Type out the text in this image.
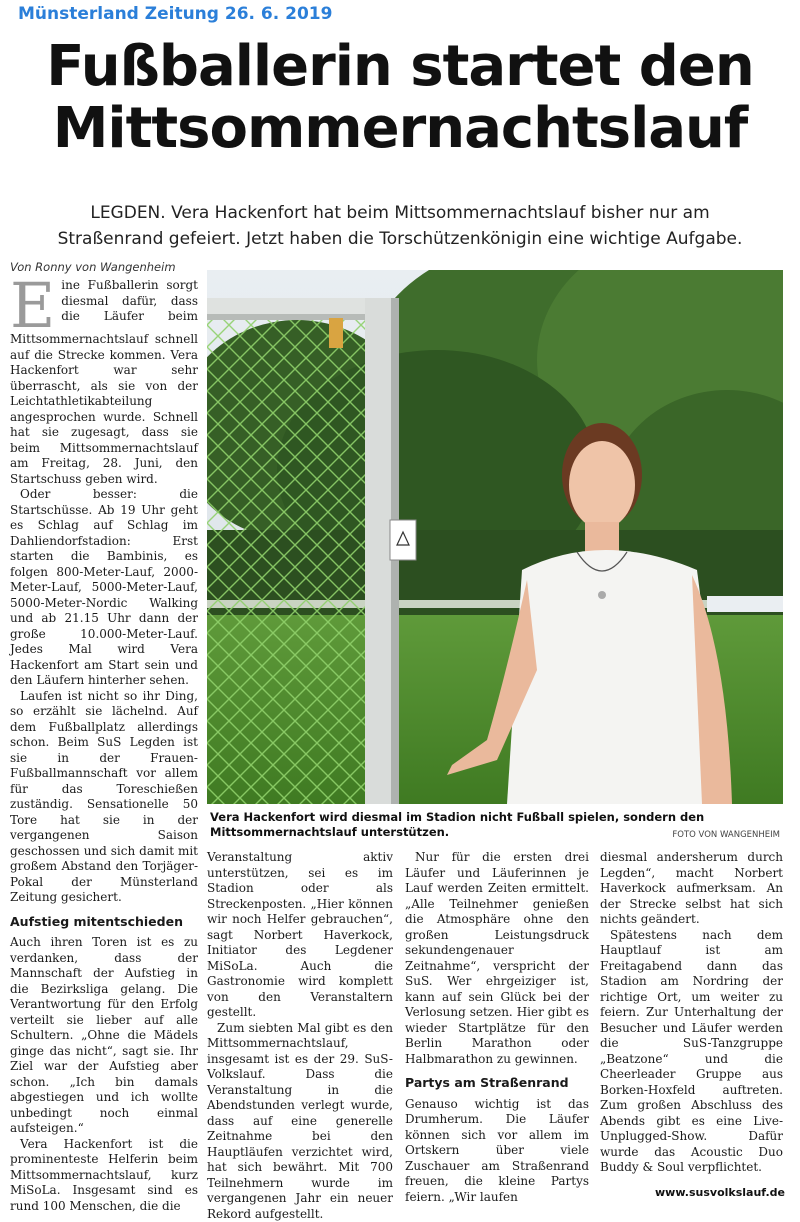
Münsterland Zeitung 26. 6. 2019
Fußballerin startet den
Mittsommernachtslauf
LEGDEN. Vera Hackenfort hat beim Mittsommernachtslauf bisher nur am
Straßenrand gefeiert. Jetzt haben die Torschützenkönigin eine wichtige Aufgabe.
Von Ronny von Wangenheim

Eine Fußballerin sorgt diesmal dafür, dass die Läufer beim Mittsommernachtslauf schnell auf die Strecke kommen. Vera Hackenfort war sehr überrascht, als sie von der Leichtathletikabteilung angesprochen wurde. Schnell hat sie zugesagt, dass sie beim Mittsommernachtslauf am Freitag, 28. Juni, den Startschuss geben wird.

Oder besser: die Startschüsse. Ab 19 Uhr geht es Schlag auf Schlag im Dahliendorfstadion: Erst starten die Bambinis, es folgen 800-Meter-Lauf, 2000-Meter-Lauf, 5000-Meter-Lauf, 5000-Meter-Nordic Walking und ab 21.15 Uhr dann der große 10.000-Meter-Lauf. Jedes Mal wird Vera Hackenfort am Start sein und den Läufern hinterher sehen.

Laufen ist nicht so ihr Ding, so erzählt sie lächelnd. Auf dem Fußballplatz allerdings schon. Beim SuS Legden ist sie in der Frauen-Fußballmannschaft vor allem für das Toreschießen zuständig. Sensationelle 50 Tore hat sie in der vergangenen Saison geschossen und sich damit mit großem Abstand den Torjäger-Pokal der Münsterland Zeitung gesichert.

Aufstieg mitentschieden

Auch ihren Toren ist es zu verdanken, dass der Mannschaft der Aufstieg in die Bezirksliga gelang. Die Verantwortung für den Erfolg verteilt sie lieber auf alle Schultern. „Ohne die Mädels ginge das nicht“, sagt sie. Ihr Ziel war der Aufstieg aber schon. „Ich bin damals abgestiegen und ich wollte unbedingt noch einmal aufsteigen.“

Vera Hackenfort ist die prominenteste Helferin beim Mittsommernachtslauf, kurz MiSoLa. Insgesamt sind es rund 100 Menschen, die die

Vera Hackenfort wird diesmal im Stadion nicht Fußball spielen, sondern den Mittsommernachtslauf unterstützen.	FOTO VON WANGENHEIM

Veranstaltung aktiv unterstützen, sei es im Stadion oder als Streckenposten. „Hier können wir noch Helfer gebrauchen“, sagt Norbert Haverkock, Initiator des Legdener MiSoLa. Auch die Gastronomie wird komplett von den Veranstaltern gestellt.

Zum siebten Mal gibt es den Mittsommernachtslauf, insgesamt ist es der 29. SuS-Volkslauf. Dass die Veranstaltung in die Abendstunden verlegt wurde, dass auf eine generelle Zeitnahme bei den Hauptläufen verzichtet wird, hat sich bewährt. Mit 700 Teilnehmern wurde im vergangenen Jahr ein neuer Rekord aufgestellt.

Nur für die ersten drei Läufer und Läuferinnen je Lauf werden Zeiten ermittelt. „Alle Teilnehmer genießen die Atmosphäre ohne den großen Leistungsdruck sekundengenauer Zeitnahme“, verspricht der SuS. Wer ehrgeiziger ist, kann auf sein Glück bei der Verlosung setzen. Hier gibt es wieder Startplätze für den Berlin Marathon oder Halbmarathon zu gewinnen.

Partys am Straßenrand

Genauso wichtig ist das Drumherum. Die Läufer können sich vor allem im Ortskern über viele Zuschauer am Straßenrand freuen, die kleine Partys feiern. „Wir laufen

diesmal andersherum durch Legden“, macht Norbert Haverkock aufmerksam. An der Strecke selbst hat sich nichts geändert.

Spätestens nach dem Hauptlauf ist am Freitagabend dann das Stadion am Nordring der richtige Ort, um weiter zu feiern. Zur Unterhaltung der Besucher und Läufer werden die SuS-Tanzgruppe „Beatzone“ und die Cheerleader Gruppe aus Borken-Hoxfeld auftreten. Zum großen Abschluss des Abends gibt es eine Live-Unplugged-Show. Dafür wurde das Acoustic Duo Buddy & Soul verpflichtet.

www.susvolkslauf.de
